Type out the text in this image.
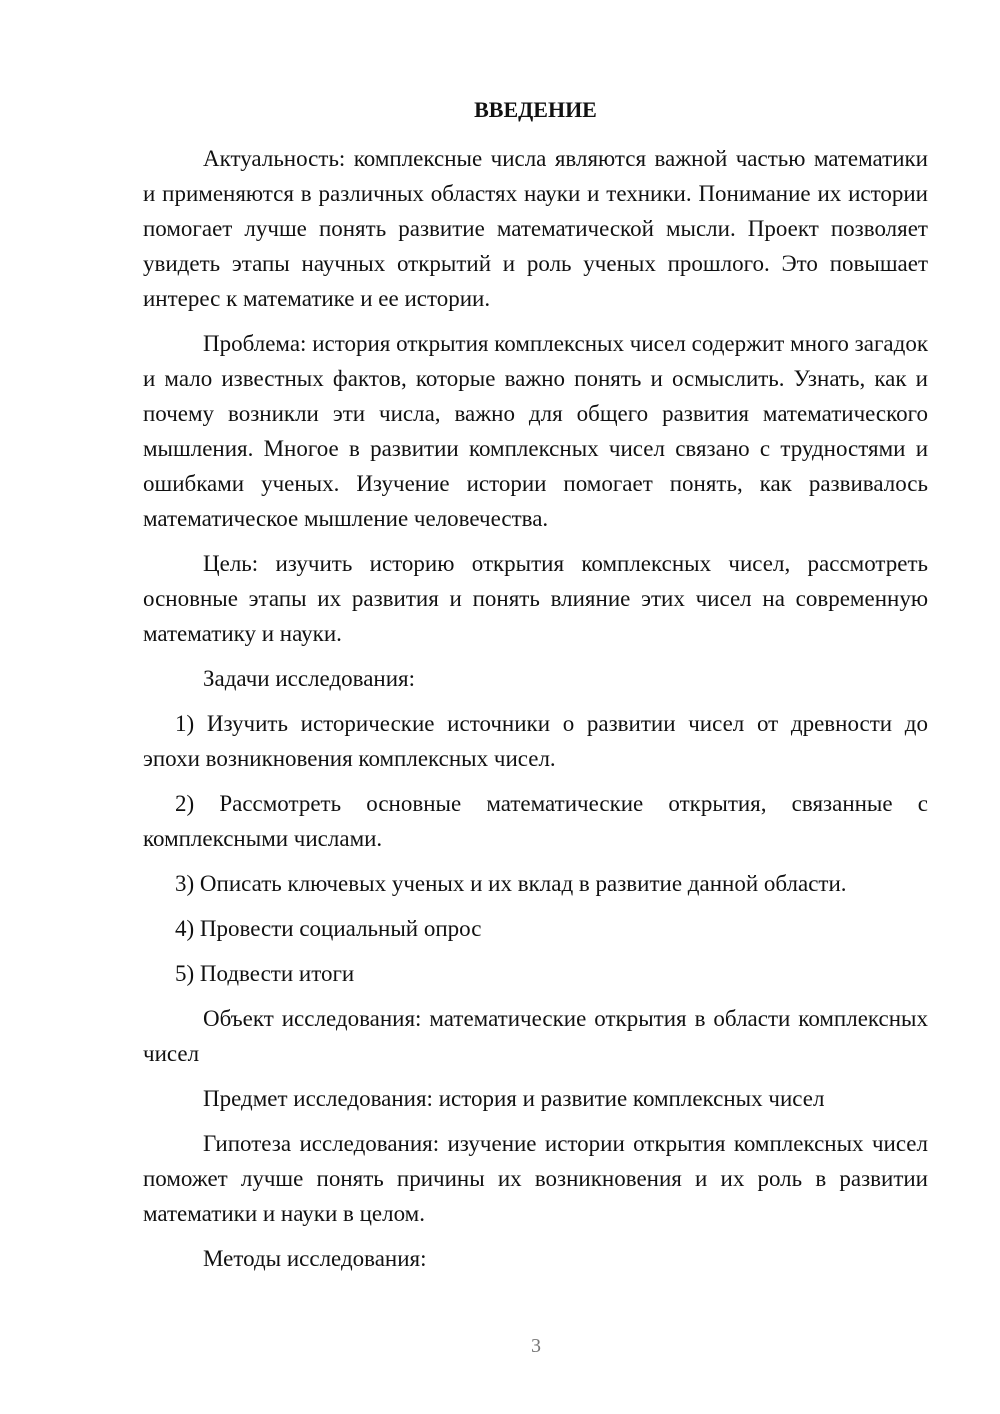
ВВЕДЕНИЕ

Актуальность: комплексные числа являются важной частью математики и применяются в различных областях науки и техники. Понимание их истории помогает лучше понять развитие математической мысли. Проект позволяет увидеть этапы научных открытий и роль ученых прошлого. Это повышает интерес к математике и ее истории.

Проблема: история открытия комплексных чисел содержит много загадок и мало известных фактов, которые важно понять и осмыслить. Узнать, как и почему возникли эти числа, важно для общего развития математического мышления. Многое в развитии комплексных чисел связано с трудностями и ошибками ученых. Изучение истории помогает понять, как развивалось математическое мышление человечества.

Цель: изучить историю открытия комплексных чисел, рассмотреть основные этапы их развития и понять влияние этих чисел на современную математику и науки.

Задачи исследования:

1) Изучить исторические источники о развитии чисел от древности до эпохи возникновения комплексных чисел.

2) Рассмотреть основные математические открытия, связанные с комплексными числами.

3) Описать ключевых ученых и их вклад в развитие данной области.

4) Провести социальный опрос

5) Подвести итоги

Объект исследования: математические открытия в области комплексных чисел

Предмет исследования: история и развитие комплексных чисел

Гипотеза исследования: изучение истории открытия комплексных чисел поможет лучше понять причины их возникновения и их роль в развитии математики и науки в целом.

Методы исследования:

3
